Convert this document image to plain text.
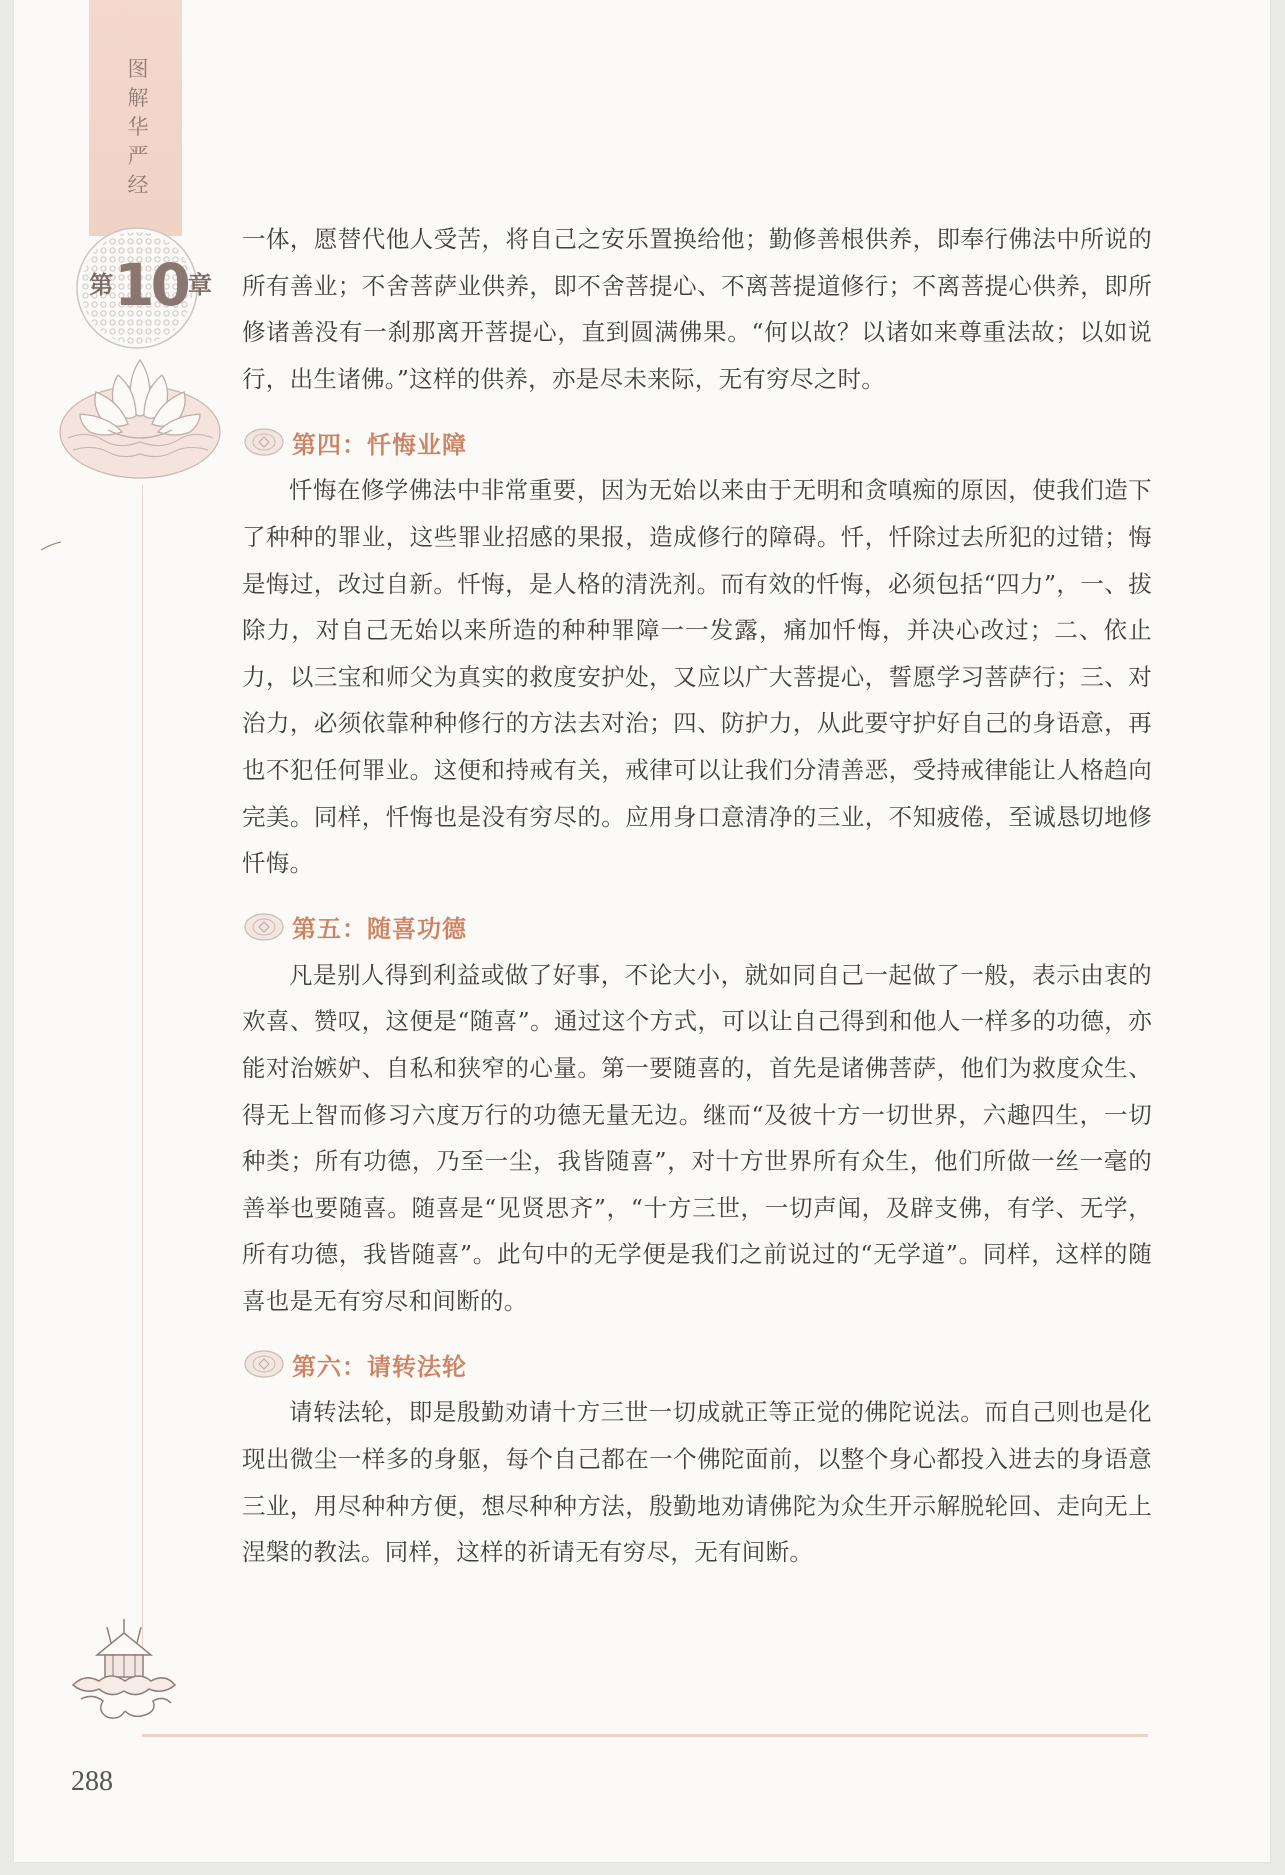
图
解
华
严
经
第 10 章

一体，愿替代他人受苦，将自己之安乐置换给他；勤修善根供养，即奉行佛法中所说的所有善业；不舍菩萨业供养，即不舍菩提心、不离菩提道修行；不离菩提心供养，即所修诸善没有一刹那离开菩提心，直到圆满佛果。“何以故？以诸如来尊重法故；以如说行，出生诸佛。”这样的供养，亦是尽未来际，无有穷尽之时。

第四：忏悔业障

忏悔在修学佛法中非常重要，因为无始以来由于无明和贪嗔痴的原因，使我们造下了种种的罪业，这些罪业招感的果报，造成修行的障碍。忏，忏除过去所犯的过错；悔是悔过，改过自新。忏悔，是人格的清洗剂。而有效的忏悔，必须包括“四力”，一、拔除力，对自己无始以来所造的种种罪障一一发露，痛加忏悔，并决心改过；二、依止力，以三宝和师父为真实的救度安护处，又应以广大菩提心，誓愿学习菩萨行；三、对治力，必须依靠种种修行的方法去对治；四、防护力，从此要守护好自己的身语意，再也不犯任何罪业。这便和持戒有关，戒律可以让我们分清善恶，受持戒律能让人格趋向完美。同样，忏悔也是没有穷尽的。应用身口意清净的三业，不知疲倦，至诚恳切地修忏悔。

第五：随喜功德

凡是别人得到利益或做了好事，不论大小，就如同自己一起做了一般，表示由衷的欢喜、赞叹，这便是“随喜”。通过这个方式，可以让自己得到和他人一样多的功德，亦能对治嫉妒、自私和狭窄的心量。第一要随喜的，首先是诸佛菩萨，他们为救度众生、得无上智而修习六度万行的功德无量无边。继而“及彼十方一切世界，六趣四生，一切种类；所有功德，乃至一尘，我皆随喜”，对十方世界所有众生，他们所做一丝一毫的善举也要随喜。随喜是“见贤思齐”，“十方三世，一切声闻，及辟支佛，有学、无学，所有功德，我皆随喜”。此句中的无学便是我们之前说过的“无学道”。同样，这样的随喜也是无有穷尽和间断的。

第六：请转法轮

请转法轮，即是殷勤劝请十方三世一切成就正等正觉的佛陀说法。而自己则也是化现出微尘一样多的身躯，每个自己都在一个佛陀面前，以整个身心都投入进去的身语意三业，用尽种种方便，想尽种种方法，殷勤地劝请佛陀为众生开示解脱轮回、走向无上涅槃的教法。同样，这样的祈请无有穷尽，无有间断。

288
